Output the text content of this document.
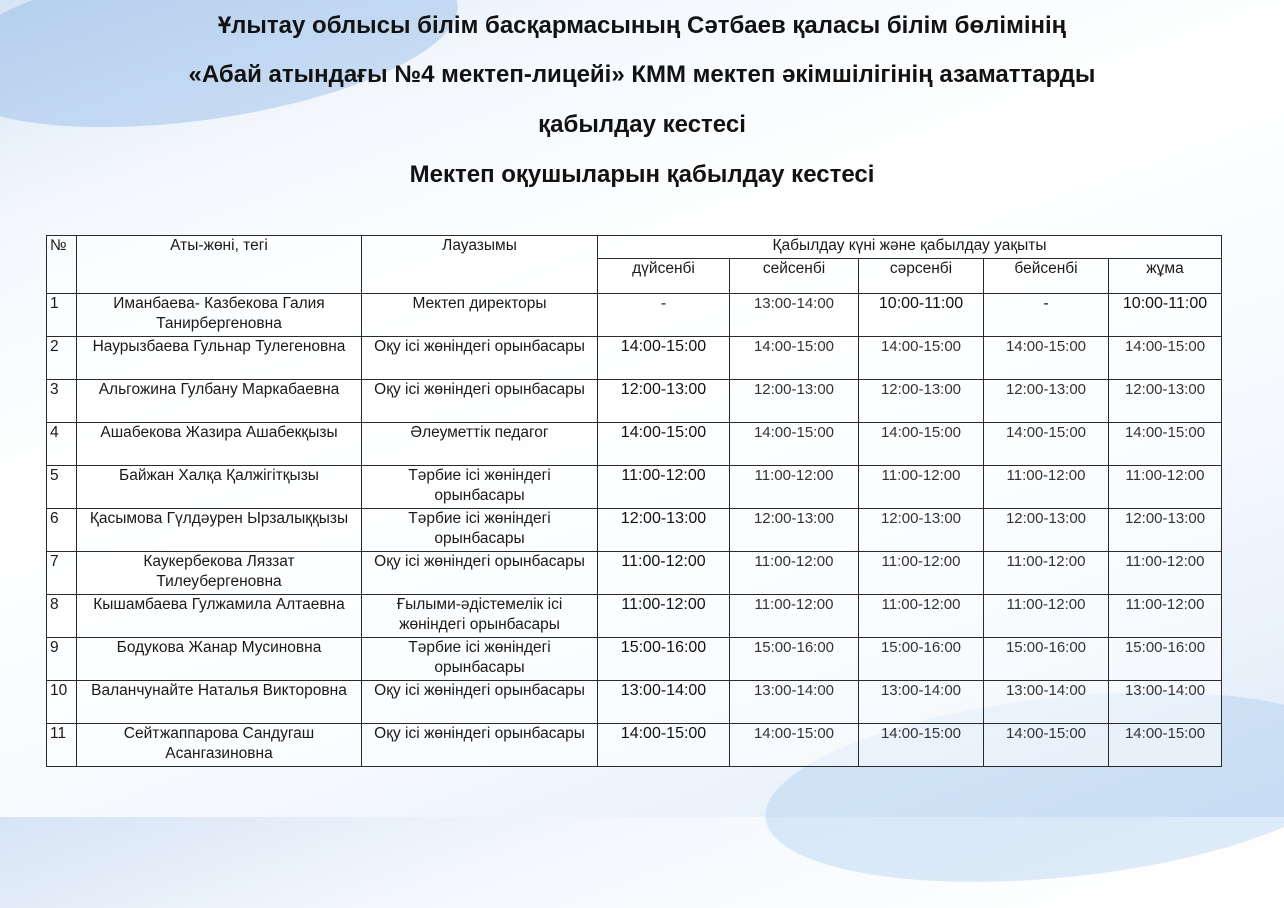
Ұлытау облысы білім басқармасының Сәтбаев қаласы білім бөлімінің
«Абай атындағы №4 мектеп-лицейі» КММ мектеп әкімшілігінің азаматтарды
қабылдау кестесі
Мектеп оқушыларын қабылдау кестесі
№	Аты-жөні, тегі	Лауазымы	Қабылдау күні және қабылдау уақыты				
			дүйсенбі	сейсенбі	сәрсенбі	бейсенбі	жұма
1	Иманбаева- Казбекова Галия Танирбергеновна	Мектеп директоры	-	13:00-14:00	10:00-11:00	-	10:00-11:00
2	Наурызбаева Гульнар Тулегеновна	Оқу ісі жөніндегі орынбасары	14:00-15:00	14:00-15:00	14:00-15:00	14:00-15:00	14:00-15:00
3	Альгожина Гулбану Маркабаевна	Оқу ісі жөніндегі орынбасары	12:00-13:00	12:00-13:00	12:00-13:00	12:00-13:00	12:00-13:00
4	Ашабекова Жазира Ашабекқызы	Әлеуметтік педагог	14:00-15:00	14:00-15:00	14:00-15:00	14:00-15:00	14:00-15:00
5	Байжан Халқа Қалжігітқызы	Тәрбие ісі жөніндегі орынбасары	11:00-12:00	11:00-12:00	11:00-12:00	11:00-12:00	11:00-12:00
6	Қасымова Гүлдәурен Ырзалыққызы	Тәрбие ісі жөніндегі орынбасары	12:00-13:00	12:00-13:00	12:00-13:00	12:00-13:00	12:00-13:00
7	Каукербекова Ляззат Тилеубергеновна	Оқу ісі жөніндегі орынбасары	11:00-12:00	11:00-12:00	11:00-12:00	11:00-12:00	11:00-12:00
8	Кышамбаева Гулжамила Алтаевна	Ғылыми-әдістемелік ісі жөніндегі орынбасары	11:00-12:00	11:00-12:00	11:00-12:00	11:00-12:00	11:00-12:00
9	Бодукова Жанар Мусиновна	Тәрбие ісі жөніндегі орынбасары	15:00-16:00	15:00-16:00	15:00-16:00	15:00-16:00	15:00-16:00
10	Валанчунайте Наталья Викторовна	Оқу ісі жөніндегі орынбасары	13:00-14:00	13:00-14:00	13:00-14:00	13:00-14:00	13:00-14:00
11	Сейтжаппарова Сандугаш Асангазиновна	Оқу ісі жөніндегі орынбасары	14:00-15:00	14:00-15:00	14:00-15:00	14:00-15:00	14:00-15:00
